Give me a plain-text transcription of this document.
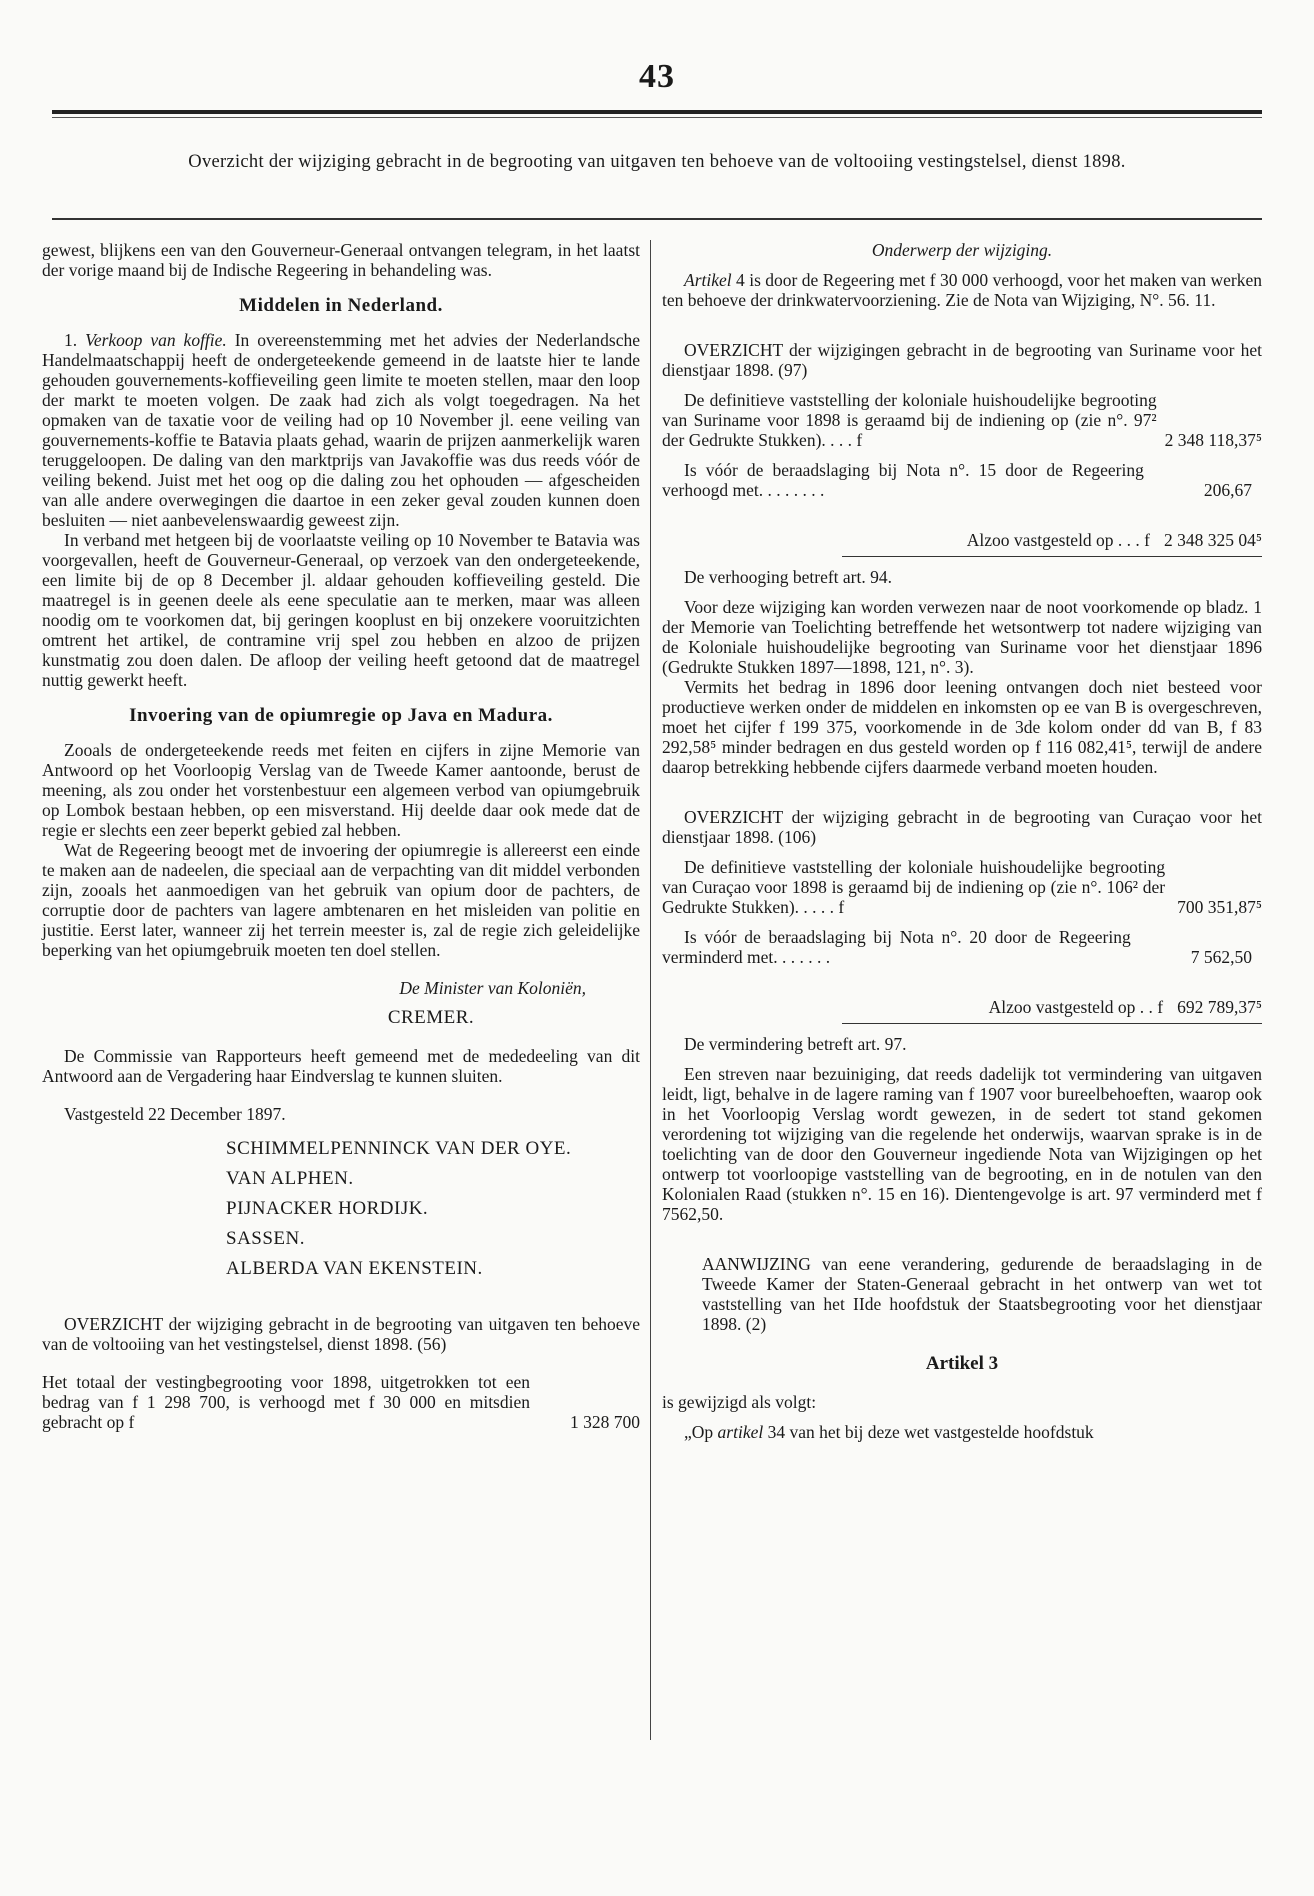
43
Overzicht der wijziging gebracht in de begrooting van uitgaven ten behoeve van de voltooiing vestingstelsel, dienst 1898.

gewest, blijkens een van den Gouverneur-Generaal ontvangen telegram, in het laatst der vorige maand bij de Indische Regeering in behandeling was.

Middelen in Nederland.

1. Verkoop van koffie. In overeenstemming met het advies der Nederlandsche Handelmaatschappij heeft de ondergeteekende gemeend in de laatste hier te lande gehouden gouvernements-koffieveiling geen limite te moeten stellen, maar den loop der markt te moeten volgen. De zaak had zich als volgt toegedragen. Na het opmaken van de taxatie voor de veiling had op 10 November jl. eene veiling van gouvernements-koffie te Batavia plaats gehad, waarin de prijzen aanmerkelijk waren teruggeloopen. De daling van den marktprijs van Javakoffie was dus reeds vóór de veiling bekend. Juist met het oog op die daling zou het ophouden — afgescheiden van alle andere overwegingen die daartoe in een zeker geval zouden kunnen doen besluiten — niet aanbevelenswaardig geweest zijn.

In verband met hetgeen bij de voorlaatste veiling op 10 November te Batavia was voorgevallen, heeft de Gouverneur-Generaal, op verzoek van den ondergeteekende, een limite bij de op 8 December jl. aldaar gehouden koffieveiling gesteld. Die maatregel is in geenen deele als eene speculatie aan te merken, maar was alleen noodig om te voorkomen dat, bij geringen kooplust en bij onzekere vooruitzichten omtrent het artikel, de contramine vrij spel zou hebben en alzoo de prijzen kunstmatig zou doen dalen. De afloop der veiling heeft getoond dat de maatregel nuttig gewerkt heeft.

Invoering van de opiumregie op Java en Madura.

Zooals de ondergeteekende reeds met feiten en cijfers in zijne Memorie van Antwoord op het Voorloopig Verslag van de Tweede Kamer aantoonde, berust de meening, als zou onder het vorstenbestuur een algemeen verbod van opiumgebruik op Lombok bestaan hebben, op een misverstand. Hij deelde daar ook mede dat de regie er slechts een zeer beperkt gebied zal hebben.

Wat de Regeering beoogt met de invoering der opiumregie is allereerst een einde te maken aan de nadeelen, die speciaal aan de verpachting van dit middel verbonden zijn, zooals het aanmoedigen van het gebruik van opium door de pachters, de corruptie door de pachters van lagere ambtenaren en het misleiden van politie en justitie. Eerst later, wanneer zij het terrein meester is, zal de regie zich geleidelijke beperking van het opiumgebruik moeten ten doel stellen.

De Minister van Koloniën,
CREMER.

De Commissie van Rapporteurs heeft gemeend met de mededeeling van dit Antwoord aan de Vergadering haar Eindverslag te kunnen sluiten.

Vastgesteld 22 December 1897.

SCHIMMELPENNINCK VAN DER OYE.
VAN ALPHEN.
PIJNACKER HORDIJK.
SASSEN.
ALBERDA VAN EKENSTEIN.

OVERZICHT der wijziging gebracht in de begrooting van uitgaven ten behoeve van de voltooiing van het vestingstelsel, dienst 1898. (56)

Het totaal der vestingbegrooting voor 1898, uitgetrokken tot een bedrag van f 1 298 700, is verhoogd met f 30 000 en mitsdien gebracht op f	1 328 700

Onderwerp der wijziging.

Artikel 4 is door de Regeering met f 30 000 verhoogd, voor het maken van werken ten behoeve der drinkwatervoorziening. Zie de Nota van Wijziging, N°. 56. 11.

OVERZICHT der wijzigingen gebracht in de begrooting van Suriname voor het dienstjaar 1898. (97)

De definitieve vaststelling der koloniale huishoudelijke begrooting van Suriname voor 1898 is geraamd bij de indiening op (zie n°. 97² der Gedrukte Stukken). . . . f	2 348 118,37⁵
Is vóór de beraadslaging bij Nota n°. 15 door de Regeering verhoogd met. . . . . . . .	206,67
Alzoo vastgesteld op . . . f 2 348 325 04⁵

De verhooging betreft art. 94.

Voor deze wijziging kan worden verwezen naar de noot voorkomende op bladz. 1 der Memorie van Toelichting betreffende het wetsontwerp tot nadere wijziging van de Koloniale huishoudelijke begrooting van Suriname voor het dienstjaar 1896 (Gedrukte Stukken 1897—1898, 121, n°. 3).

Vermits het bedrag in 1896 door leening ontvangen doch niet besteed voor productieve werken onder de middelen en inkomsten op ee van B is overgeschreven, moet het cijfer f 199 375, voorkomende in de 3de kolom onder dd van B, f 83 292,58⁵ minder bedragen en dus gesteld worden op f 116 082,41⁵, terwijl de andere daarop betrekking hebbende cijfers daarmede verband moeten houden.

OVERZICHT der wijziging gebracht in de begrooting van Curaçao voor het dienstjaar 1898. (106)

De definitieve vaststelling der koloniale huishoudelijke begrooting van Curaçao voor 1898 is geraamd bij de indiening op (zie n°. 106² der Gedrukte Stukken). . . . . f	700 351,87⁵
Is vóór de beraadslaging bij Nota n°. 20 door de Regeering verminderd met. . . . . . .	7 562,50
Alzoo vastgesteld op . . f 692 789,37⁵

De vermindering betreft art. 97.

Een streven naar bezuiniging, dat reeds dadelijk tot vermindering van uitgaven leidt, ligt, behalve in de lagere raming van f 1907 voor bureelbehoeften, waarop ook in het Voorloopig Verslag wordt gewezen, in de sedert tot stand gekomen verordening tot wijziging van die regelende het onderwijs, waarvan sprake is in de toelichting van de door den Gouverneur ingediende Nota van Wijzigingen op het ontwerp tot voorloopige vaststelling van de begrooting, en in de notulen van den Kolonialen Raad (stukken n°. 15 en 16). Dientengevolge is art. 97 verminderd met f 7562,50.

AANWIJZING van eene verandering, gedurende de beraadslaging in de Tweede Kamer der Staten-Generaal gebracht in het ontwerp van wet tot vaststelling van het IIde hoofdstuk der Staatsbegrooting voor het dienstjaar 1898. (2)

Artikel 3

is gewijzigd als volgt:

„Op artikel 34 van het bij deze wet vastgestelde hoofdstuk
